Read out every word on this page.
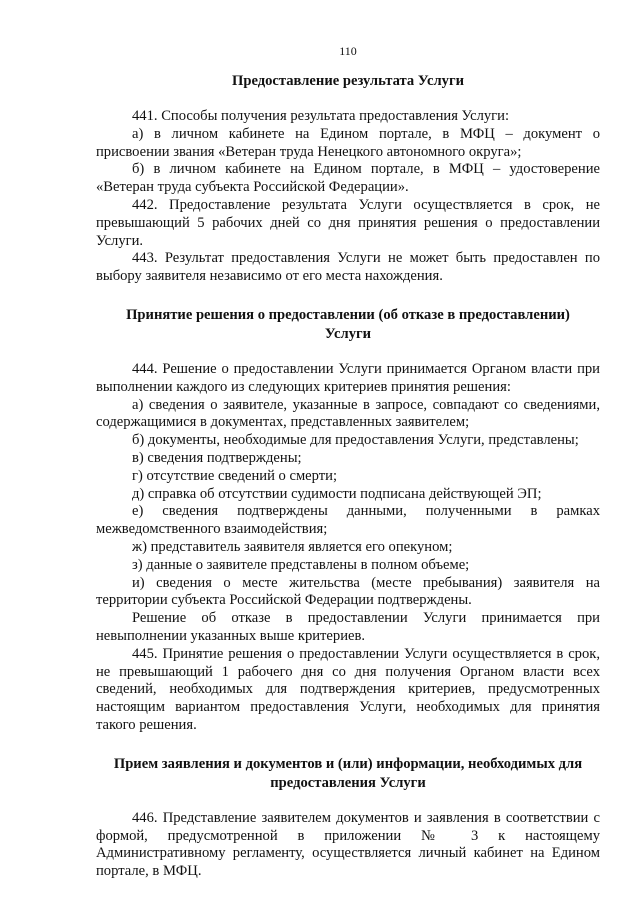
110
Предоставление результата Услуги

441. Способы получения результата предоставления Услуги:

а) в личном кабинете на Едином портале, в МФЦ – документ о присвоении звания «Ветеран труда Ненецкого автономного округа»;

б) в личном кабинете на Едином портале, в МФЦ – удостоверение «Ветеран труда субъекта Российской Федерации».

442. Предоставление результата Услуги осуществляется в срок, не превышающий 5 рабочих дней со дня принятия решения о предоставлении Услуги.

443. Результат предоставления Услуги не может быть предоставлен по выбору заявителя независимо от его места нахождения.

Принятие решения о предоставлении (об отказе в предоставлении)
Услуги

444. Решение о предоставлении Услуги принимается Органом власти при выполнении каждого из следующих критериев принятия решения:

а) сведения о заявителе, указанные в запросе, совпадают со сведениями, содержащимися в документах, представленных заявителем;

б) документы, необходимые для предоставления Услуги, представлены;

в) сведения подтверждены;

г) отсутствие сведений о смерти;

д) справка об отсутствии судимости подписана действующей ЭП;

е) сведения подтверждены данными, полученными в рамках межведомственного взаимодействия;

ж) представитель заявителя является его опекуном;

з) данные о заявителе представлены в полном объеме;

и) сведения о месте жительства (месте пребывания) заявителя на территории субъекта Российской Федерации подтверждены.

Решение об отказе в предоставлении Услуги принимается при невыполнении указанных выше критериев.

445. Принятие решения о предоставлении Услуги осуществляется в срок, не превышающий 1 рабочего дня со дня получения Органом власти всех сведений, необходимых для подтверждения критериев, предусмотренных настоящим вариантом предоставления Услуги, необходимых для принятия такого решения.

Прием заявления и документов и (или) информации, необходимых для
предоставления Услуги

446. Представление заявителем документов и заявления в соответствии с формой, предусмотренной в приложении № 3 к настоящему Административному регламенту, осуществляется личный кабинет на Едином портале, в МФЦ.
